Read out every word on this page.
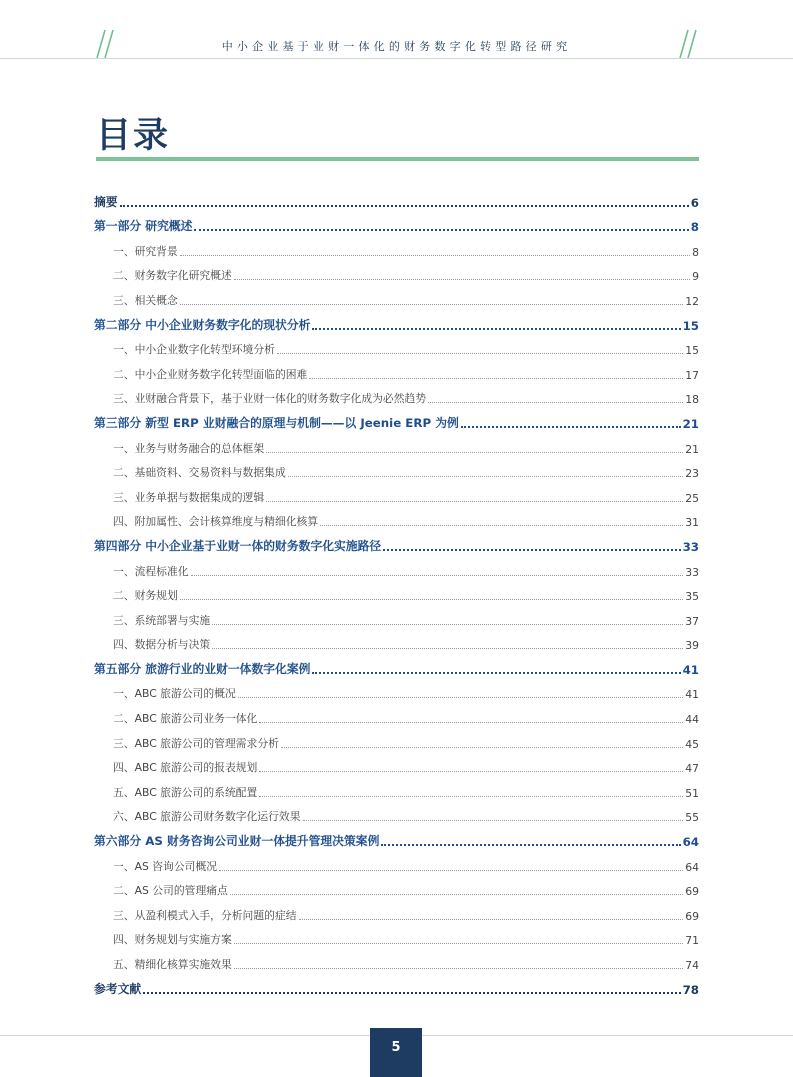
中小企业基于业财一体化的财务数字化转型路径研究
目录
摘要	6
第一部分 研究概述	8
一、研究背景	8
二、财务数字化研究概述	9
三、相关概念	12
第二部分 中小企业财务数字化的现状分析	15
一、中小企业数字化转型环境分析	15
二、中小企业财务数字化转型面临的困难	17
三、业财融合背景下，基于业财一体化的财务数字化成为必然趋势	18
第三部分 新型 ERP 业财融合的原理与机制——以 Jeenie ERP 为例	21
一、业务与财务融合的总体框架	21
二、基础资料、交易资料与数据集成	23
三、业务单据与数据集成的逻辑	25
四、附加属性、会计核算维度与精细化核算	31
第四部分 中小企业基于业财一体的财务数字化实施路径	33
一、流程标准化	33
二、财务规划	35
三、系统部署与实施	37
四、数据分析与决策	39
第五部分 旅游行业的业财一体数字化案例	41
一、ABC 旅游公司的概况	41
二、ABC 旅游公司业务一体化	44
三、ABC 旅游公司的管理需求分析	45
四、ABC 旅游公司的报表规划	47
五、ABC 旅游公司的系统配置	51
六、ABC 旅游公司财务数字化运行效果	55
第六部分 AS 财务咨询公司业财一体提升管理决策案例	64
一、AS 咨询公司概况	64
二、AS 公司的管理痛点	69
三、从盈利模式入手，分析问题的症结	69
四、财务规划与实施方案	71
五、精细化核算实施效果	74
参考文献	78
5
